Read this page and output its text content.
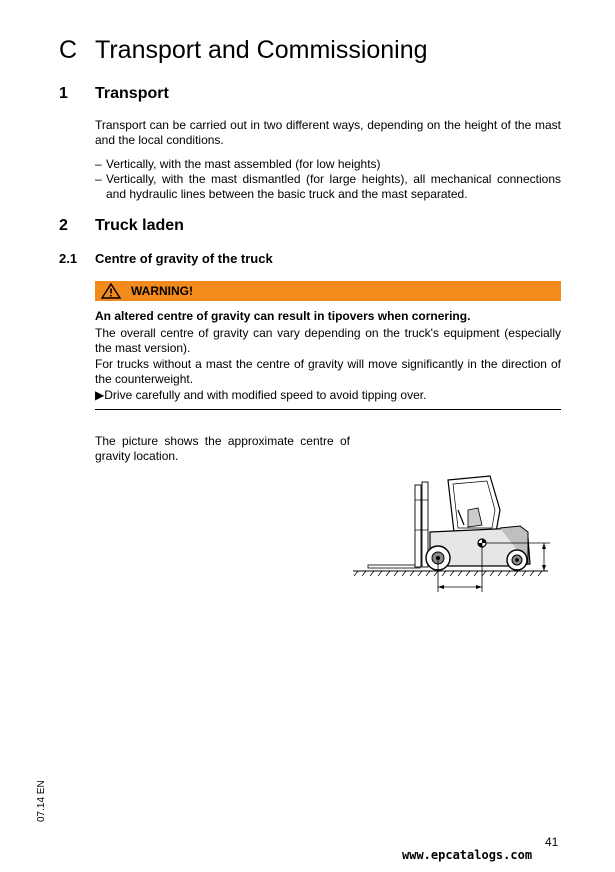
C Transport and Commissioning
1 Transport
Transport can be carried out in two different ways, depending on the height of the mast and the local conditions.
– Vertically, with the mast assembled (for low heights)
– Vertically, with the mast dismantled (for large heights), all mechanical connections and hydraulic lines between the basic truck and the mast separated.
2 Truck laden
2.1 Centre of gravity of the truck
WARNING!
An altered centre of gravity can result in tipovers when cornering.
The overall centre of gravity can vary depending on the truck's equipment (especially the mast version).
For trucks without a mast the centre of gravity will move significantly in the direction of the counterweight.
▶Drive carefully and with modified speed to avoid tipping over.
The picture shows the approximate centre of gravity location.
07.14 EN
41
www.epcatalogs.com
